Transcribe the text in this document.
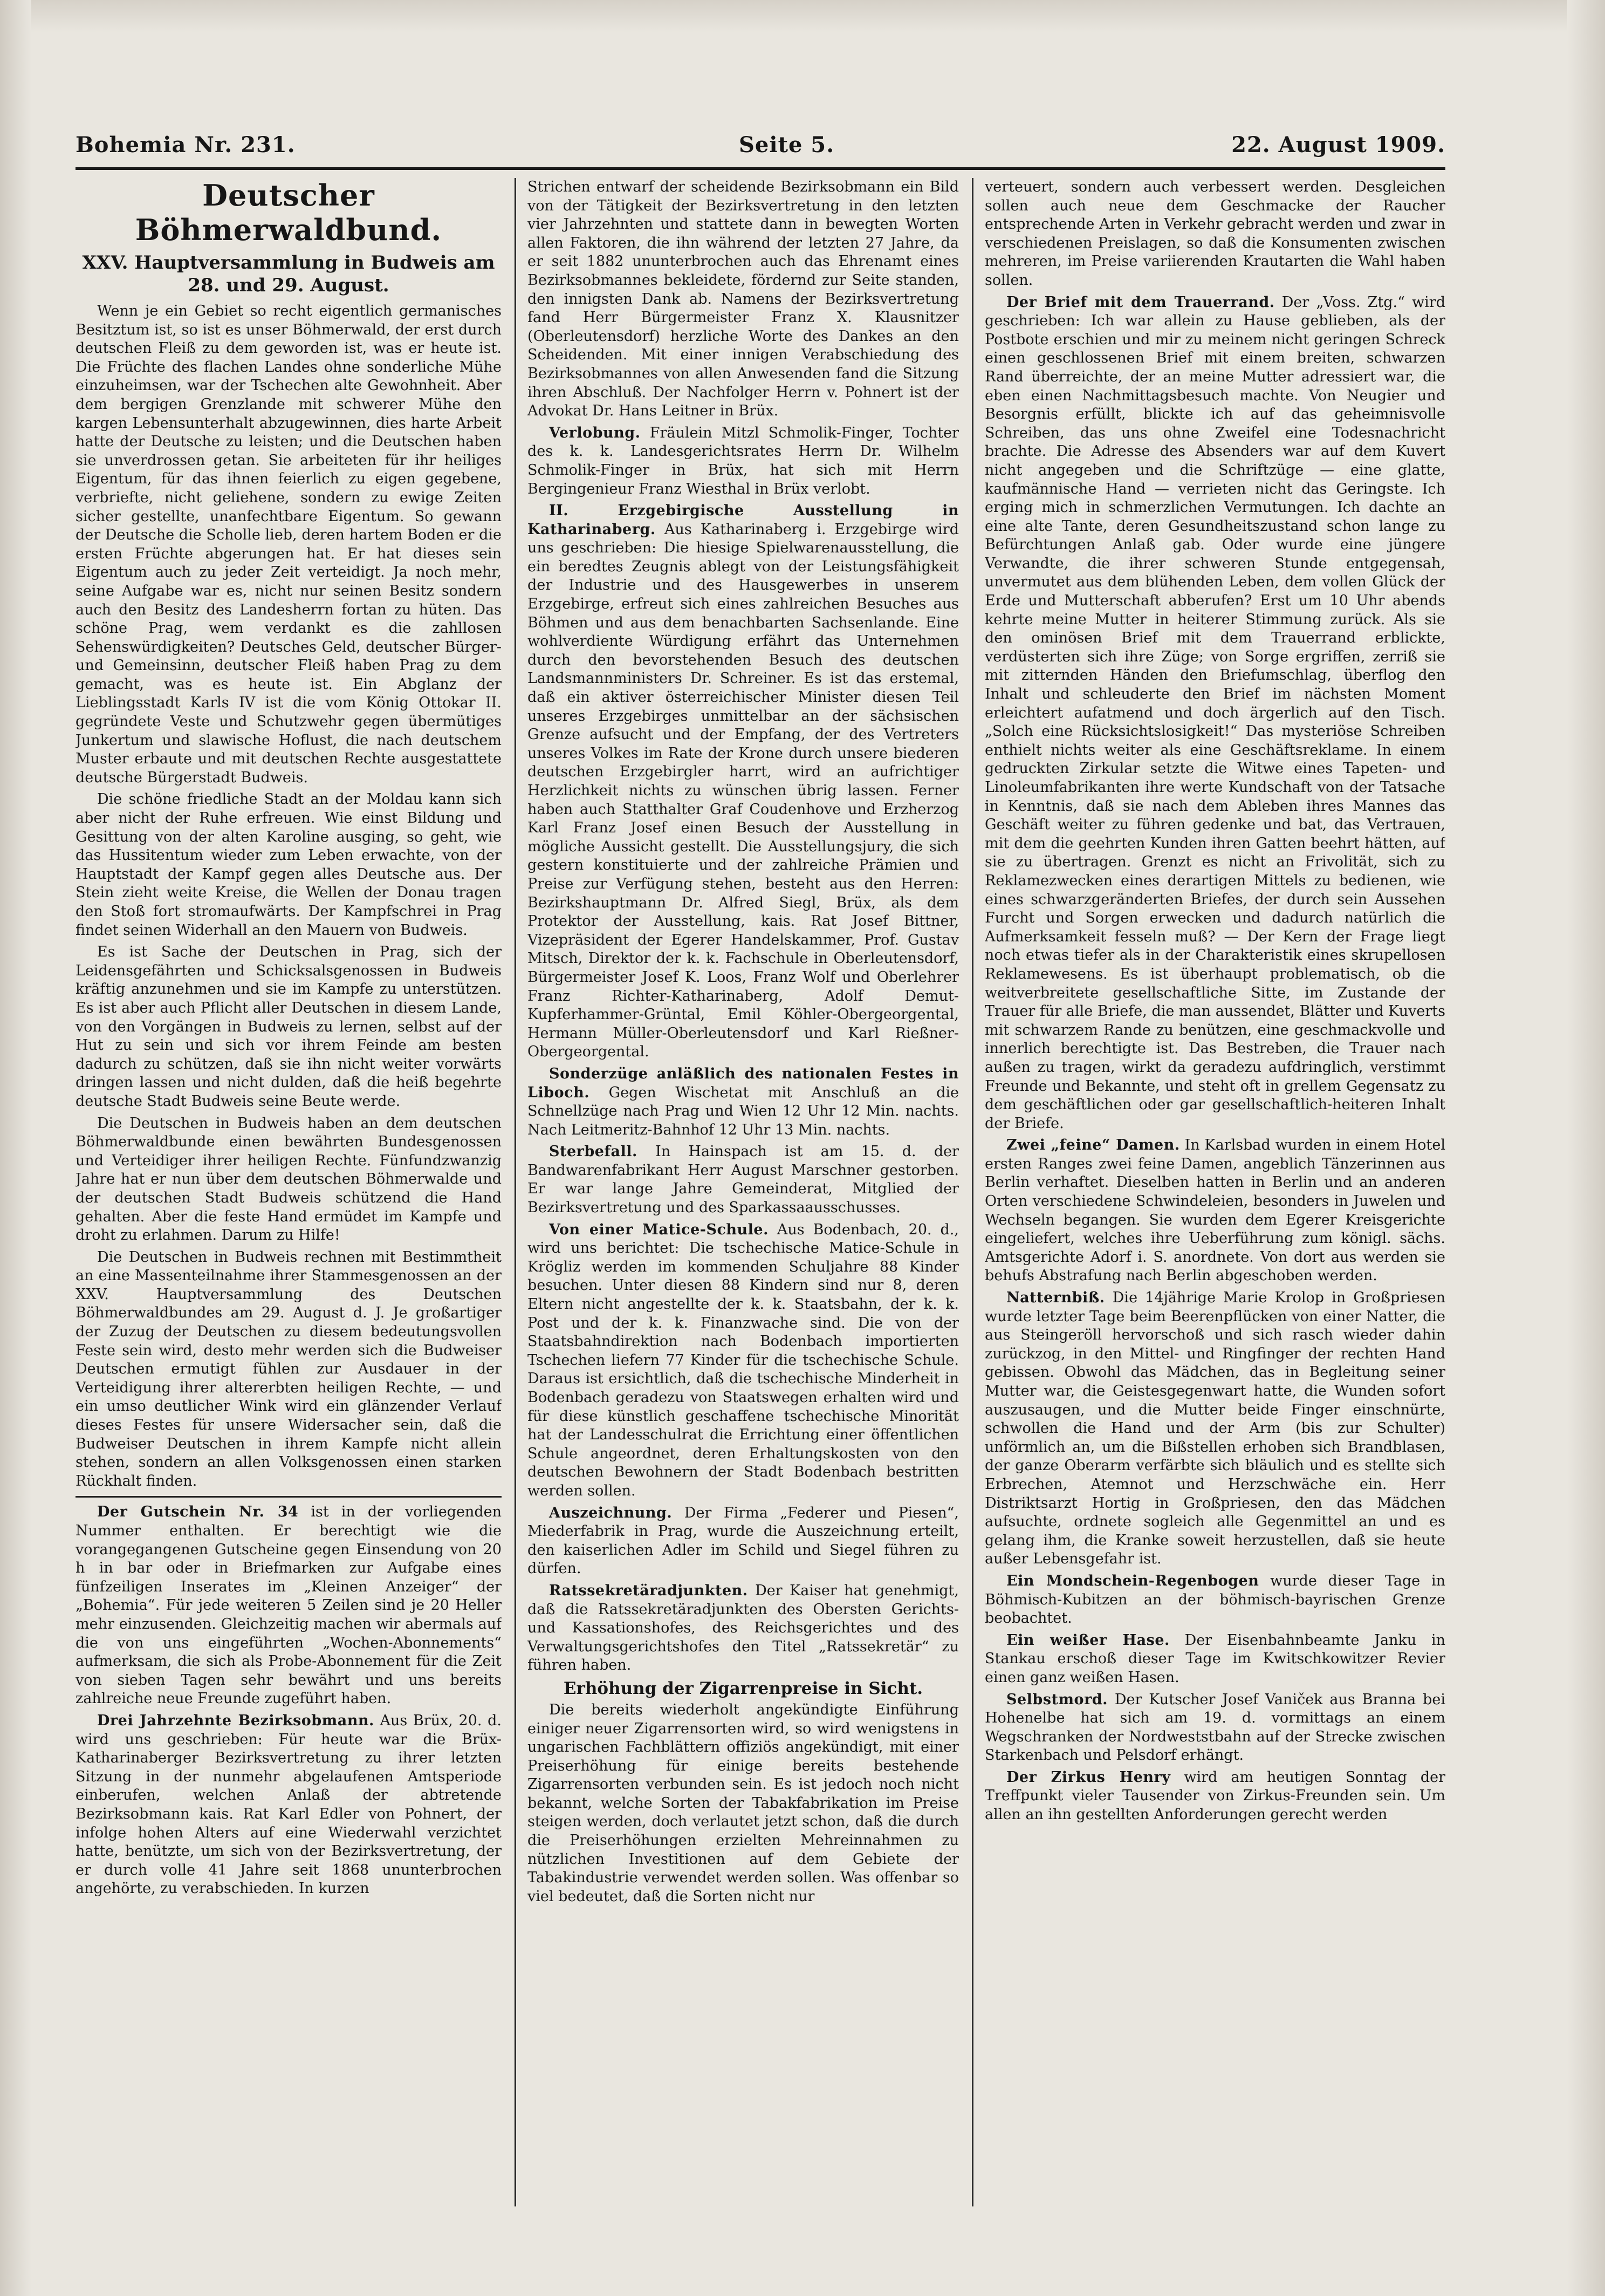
Bohemia Nr. 231.	Seite 5.	22. August 1909.
Deutscher Böhmerwaldbund.
XXV. Hauptversammlung in Budweis am 28. und 29. August.

Wenn je ein Gebiet so recht eigentlich germanisches Besitztum ist, so ist es unser Böhmerwald, der erst durch deutschen Fleiß zu dem geworden ist, was er heute ist. Die Früchte des flachen Landes ohne sonderliche Mühe einzuheimsen, war der Tschechen alte Gewohnheit. Aber dem bergigen Grenzlande mit schwerer Mühe den kargen Lebensunterhalt abzugewinnen, dies harte Arbeit hatte der Deutsche zu leisten; und die Deutschen haben sie unverdrossen getan. Sie arbeiteten für ihr heiliges Eigentum, für das ihnen feierlich zu eigen gegebene, verbriefte, nicht geliehene, sondern zu ewige Zeiten sicher gestellte, unanfechtbare Eigentum. So gewann der Deutsche die Scholle lieb, deren hartem Boden er die ersten Früchte abgerungen hat. Er hat dieses sein Eigentum auch zu jeder Zeit verteidigt. Ja noch mehr, seine Aufgabe war es, nicht nur seinen Besitz sondern auch den Besitz des Landesherrn fortan zu hüten. Das schöne Prag, wem verdankt es die zahllosen Sehenswürdigkeiten? Deutsches Geld, deutscher Bürger- und Gemeinsinn, deutscher Fleiß haben Prag zu dem gemacht, was es heute ist. Ein Abglanz der Lieblingsstadt Karls IV ist die vom König Ottokar II. gegründete Veste und Schutzwehr gegen übermütiges Junkertum und slawische Hoflust, die nach deutschem Muster erbaute und mit deutschen Rechte ausgestattete deutsche Bürgerstadt Budweis.

Die schöne friedliche Stadt an der Moldau kann sich aber nicht der Ruhe erfreuen. Wie einst Bildung und Gesittung von der alten Karoline ausging, so geht, wie das Hussitentum wieder zum Leben erwachte, von der Hauptstadt der Kampf gegen alles Deutsche aus. Der Stein zieht weite Kreise, die Wellen der Donau tragen den Stoß fort stromaufwärts. Der Kampfschrei in Prag findet seinen Widerhall an den Mauern von Budweis.

Es ist Sache der Deutschen in Prag, sich der Leidensgefährten und Schicksalsgenossen in Budweis kräftig anzunehmen und sie im Kampfe zu unterstützen. Es ist aber auch Pflicht aller Deutschen in diesem Lande, von den Vorgängen in Budweis zu lernen, selbst auf der Hut zu sein und sich vor ihrem Feinde am besten dadurch zu schützen, daß sie ihn nicht weiter vorwärts dringen lassen und nicht dulden, daß die heiß begehrte deutsche Stadt Budweis seine Beute werde.

Die Deutschen in Budweis haben an dem deutschen Böhmerwaldbunde einen bewährten Bundesgenossen und Verteidiger ihrer heiligen Rechte. Fünfundzwanzig Jahre hat er nun über dem deutschen Böhmerwalde und der deutschen Stadt Budweis schützend die Hand gehalten. Aber die feste Hand ermüdet im Kampfe und droht zu erlahmen. Darum zu Hilfe!

Die Deutschen in Budweis rechnen mit Bestimmtheit an eine Massenteilnahme ihrer Stammesgenossen an der XXV. Hauptversammlung des Deutschen Böhmerwaldbundes am 29. August d. J. Je großartiger der Zuzug der Deutschen zu diesem bedeutungsvollen Feste sein wird, desto mehr werden sich die Budweiser Deutschen ermutigt fühlen zur Ausdauer in der Verteidigung ihrer altererbten heiligen Rechte, — und ein umso deutlicher Wink wird ein glänzender Verlauf dieses Festes für unsere Widersacher sein, daß die Budweiser Deutschen in ihrem Kampfe nicht allein stehen, sondern an allen Volksgenossen einen starken Rückhalt finden.

Der Gutschein Nr. 34 ist in der vorliegenden Nummer enthalten. Er berechtigt wie die vorangegangenen Gutscheine gegen Einsendung von 20 h in bar oder in Briefmarken zur Aufgabe eines fünfzeiligen Inserates im „Kleinen Anzeiger“ der „Bohemia“. Für jede weiteren 5 Zeilen sind je 20 Heller mehr einzusenden. Gleichzeitig machen wir abermals auf die von uns eingeführten „Wochen-Abonnements“ aufmerksam, die sich als Probe-Abonnement für die Zeit von sieben Tagen sehr bewährt und uns bereits zahlreiche neue Freunde zugeführt haben.

Drei Jahrzehnte Bezirksobmann. Aus Brüx, 20. d. wird uns geschrieben: Für heute war die Brüx-Katharinaberger Bezirksvertretung zu ihrer letzten Sitzung in der nunmehr abgelaufenen Amtsperiode einberufen, welchen Anlaß der abtretende Bezirksobmann kais. Rat Karl Edler von Pohnert, der infolge hohen Alters auf eine Wiederwahl verzichtet hatte, benützte, um sich von der Bezirksvertretung, der er durch volle 41 Jahre seit 1868 ununterbrochen angehörte, zu verabschieden. In kurzen

Strichen entwarf der scheidende Bezirksobmann ein Bild von der Tätigkeit der Bezirksvertretung in den letzten vier Jahrzehnten und stattete dann in bewegten Worten allen Faktoren, die ihn während der letzten 27 Jahre, da er seit 1882 ununterbrochen auch das Ehrenamt eines Bezirksobmannes bekleidete, fördernd zur Seite standen, den innigsten Dank ab. Namens der Bezirksvertretung fand Herr Bürgermeister Franz X. Klausnitzer (Oberleutensdorf) herzliche Worte des Dankes an den Scheidenden. Mit einer innigen Verabschiedung des Bezirksobmannes von allen Anwesenden fand die Sitzung ihren Abschluß. Der Nachfolger Herrn v. Pohnert ist der Advokat Dr. Hans Leitner in Brüx.

Verlobung. Fräulein Mitzl Schmolik-Finger, Tochter des k. k. Landesgerichtsrates Herrn Dr. Wilhelm Schmolik-Finger in Brüx, hat sich mit Herrn Bergingenieur Franz Wiesthal in Brüx verlobt.

II. Erzgebirgische Ausstellung in Katharinaberg. Aus Katharinaberg i. Erzgebirge wird uns geschrieben: Die hiesige Spielwarenausstellung, die ein beredtes Zeugnis ablegt von der Leistungsfähigkeit der Industrie und des Hausgewerbes in unserem Erzgebirge, erfreut sich eines zahlreichen Besuches aus Böhmen und aus dem benachbarten Sachsenlande. Eine wohlverdiente Würdigung erfährt das Unternehmen durch den bevorstehenden Besuch des deutschen Landsmannministers Dr. Schreiner. Es ist das erstemal, daß ein aktiver österreichischer Minister diesen Teil unseres Erzgebirges unmittelbar an der sächsischen Grenze aufsucht und der Empfang, der des Vertreters unseres Volkes im Rate der Krone durch unsere biederen deutschen Erzgebirgler harrt, wird an aufrichtiger Herzlichkeit nichts zu wünschen übrig lassen. Ferner haben auch Statthalter Graf Coudenhove und Erzherzog Karl Franz Josef einen Besuch der Ausstellung in mögliche Aussicht gestellt. Die Ausstellungsjury, die sich gestern konstituierte und der zahlreiche Prämien und Preise zur Verfügung stehen, besteht aus den Herren: Bezirkshauptmann Dr. Alfred Siegl, Brüx, als dem Protektor der Ausstellung, kais. Rat Josef Bittner, Vizepräsident der Egerer Handelskammer, Prof. Gustav Mitsch, Direktor der k. k. Fachschule in Oberleutensdorf, Bürgermeister Josef K. Loos, Franz Wolf und Oberlehrer Franz Richter-Katharinaberg, Adolf Demut-Kupferhammer-Grüntal, Emil Köhler-Obergeorgental, Hermann Müller-Oberleutensdorf und Karl Rießner-Obergeorgental.

Sonderzüge anläßlich des nationalen Festes in Liboch. Gegen Wischetat mit Anschluß an die Schnellzüge nach Prag und Wien 12 Uhr 12 Min. nachts. Nach Leitmeritz-Bahnhof 12 Uhr 13 Min. nachts.

Sterbefall. In Hainspach ist am 15. d. der Bandwarenfabrikant Herr August Marschner gestorben. Er war lange Jahre Gemeinderat, Mitglied der Bezirksvertretung und des Sparkassaausschusses.

Von einer Matice-Schule. Aus Bodenbach, 20. d., wird uns berichtet: Die tschechische Matice-Schule in Krögliz werden im kommenden Schuljahre 88 Kinder besuchen. Unter diesen 88 Kindern sind nur 8, deren Eltern nicht angestellte der k. k. Staatsbahn, der k. k. Post und der k. k. Finanzwache sind. Die von der Staatsbahndirektion nach Bodenbach importierten Tschechen liefern 77 Kinder für die tschechische Schule. Daraus ist ersichtlich, daß die tschechische Minderheit in Bodenbach geradezu von Staatswegen erhalten wird und für diese künstlich geschaffene tschechische Minorität hat der Landesschulrat die Errichtung einer öffentlichen Schule angeordnet, deren Erhaltungskosten von den deutschen Bewohnern der Stadt Bodenbach bestritten werden sollen.

Auszeichnung. Der Firma „Federer und Piesen“, Miederfabrik in Prag, wurde die Auszeichnung erteilt, den kaiserlichen Adler im Schild und Siegel führen zu dürfen.

Ratssekretäradjunkten. Der Kaiser hat genehmigt, daß die Ratssekretäradjunkten des Obersten Gerichts- und Kassationshofes, des Reichsgerichtes und des Verwaltungsgerichtshofes den Titel „Ratssekretär“ zu führen haben.

Erhöhung der Zigarrenpreise in Sicht.

Die bereits wiederholt angekündigte Einführung einiger neuer Zigarrensorten wird, so wird wenigstens in ungarischen Fachblättern offiziös angekündigt, mit einer Preiserhöhung für einige bereits bestehende Zigarrensorten verbunden sein. Es ist jedoch noch nicht bekannt, welche Sorten der Tabakfabrikation im Preise steigen werden, doch verlautet jetzt schon, daß die durch die Preiserhöhungen erzielten Mehreinnahmen zu nützlichen Investitionen auf dem Gebiete der Tabakindustrie verwendet werden sollen. Was offenbar so viel bedeutet, daß die Sorten nicht nur

verteuert, sondern auch verbessert werden. Desgleichen sollen auch neue dem Geschmacke der Raucher entsprechende Arten in Verkehr gebracht werden und zwar in verschiedenen Preislagen, so daß die Konsumenten zwischen mehreren, im Preise variierenden Krautarten die Wahl haben sollen.

Der Brief mit dem Trauerrand. Der „Voss. Ztg.“ wird geschrieben: Ich war allein zu Hause geblieben, als der Postbote erschien und mir zu meinem nicht geringen Schreck einen geschlossenen Brief mit einem breiten, schwarzen Rand überreichte, der an meine Mutter adressiert war, die eben einen Nachmittagsbesuch machte. Von Neugier und Besorgnis erfüllt, blickte ich auf das geheimnisvolle Schreiben, das uns ohne Zweifel eine Todesnachricht brachte. Die Adresse des Absenders war auf dem Kuvert nicht angegeben und die Schriftzüge — eine glatte, kaufmännische Hand — verrieten nicht das Geringste. Ich erging mich in schmerzlichen Vermutungen. Ich dachte an eine alte Tante, deren Gesundheitszustand schon lange zu Befürchtungen Anlaß gab. Oder wurde eine jüngere Verwandte, die ihrer schweren Stunde entgegensah, unvermutet aus dem blühenden Leben, dem vollen Glück der Erde und Mutterschaft abberufen? Erst um 10 Uhr abends kehrte meine Mutter in heiterer Stimmung zurück. Als sie den ominösen Brief mit dem Trauerrand erblickte, verdüsterten sich ihre Züge; von Sorge ergriffen, zerriß sie mit zitternden Händen den Briefumschlag, überflog den Inhalt und schleuderte den Brief im nächsten Moment erleichtert aufatmend und doch ärgerlich auf den Tisch. „Solch eine Rücksichtslosigkeit!“ Das mysteriöse Schreiben enthielt nichts weiter als eine Geschäftsreklame. In einem gedruckten Zirkular setzte die Witwe eines Tapeten- und Linoleumfabrikanten ihre werte Kundschaft von der Tatsache in Kenntnis, daß sie nach dem Ableben ihres Mannes das Geschäft weiter zu führen gedenke und bat, das Vertrauen, mit dem die geehrten Kunden ihren Gatten beehrt hätten, auf sie zu übertragen. Grenzt es nicht an Frivolität, sich zu Reklamezwecken eines derartigen Mittels zu bedienen, wie eines schwarzgeränderten Briefes, der durch sein Aussehen Furcht und Sorgen erwecken und dadurch natürlich die Aufmerksamkeit fesseln muß? — Der Kern der Frage liegt noch etwas tiefer als in der Charakteristik eines skrupellosen Reklamewesens. Es ist überhaupt problematisch, ob die weitverbreitete gesellschaftliche Sitte, im Zustande der Trauer für alle Briefe, die man aussendet, Blätter und Kuverts mit schwarzem Rande zu benützen, eine geschmackvolle und innerlich berechtigte ist. Das Bestreben, die Trauer nach außen zu tragen, wirkt da geradezu aufdringlich, verstimmt Freunde und Bekannte, und steht oft in grellem Gegensatz zu dem geschäftlichen oder gar gesellschaftlich-heiteren Inhalt der Briefe.

Zwei „feine“ Damen. In Karlsbad wurden in einem Hotel ersten Ranges zwei feine Damen, angeblich Tänzerinnen aus Berlin verhaftet. Dieselben hatten in Berlin und an anderen Orten verschiedene Schwindeleien, besonders in Juwelen und Wechseln begangen. Sie wurden dem Egerer Kreisgerichte eingeliefert, welches ihre Ueberführung zum königl. sächs. Amtsgerichte Adorf i. S. anordnete. Von dort aus werden sie behufs Abstrafung nach Berlin abgeschoben werden.

Natternbiß. Die 14jährige Marie Krolop in Großpriesen wurde letzter Tage beim Beerenpflücken von einer Natter, die aus Steingeröll hervorschoß und sich rasch wieder dahin zurückzog, in den Mittel- und Ringfinger der rechten Hand gebissen. Obwohl das Mädchen, das in Begleitung seiner Mutter war, die Geistesgegenwart hatte, die Wunden sofort auszusaugen, und die Mutter beide Finger einschnürte, schwollen die Hand und der Arm (bis zur Schulter) unförmlich an, um die Bißstellen erhoben sich Brandblasen, der ganze Oberarm verfärbte sich bläulich und es stellte sich Erbrechen, Atemnot und Herzschwäche ein. Herr Distriktsarzt Hortig in Großpriesen, den das Mädchen aufsuchte, ordnete sogleich alle Gegenmittel an und es gelang ihm, die Kranke soweit herzustellen, daß sie heute außer Lebensgefahr ist.

Ein Mondschein-Regenbogen wurde dieser Tage in Böhmisch-Kubitzen an der böhmisch-bayrischen Grenze beobachtet.

Ein weißer Hase. Der Eisenbahnbeamte Janku in Stankau erschoß dieser Tage im Kwitschkowitzer Revier einen ganz weißen Hasen.

Selbstmord. Der Kutscher Josef Vaniček aus Branna bei Hohenelbe hat sich am 19. d. vormittags an einem Wegschranken der Nordweststbahn auf der Strecke zwischen Starkenbach und Pelsdorf erhängt.

Der Zirkus Henry wird am heutigen Sonntag der Treffpunkt vieler Tausender von Zirkus-Freunden sein. Um allen an ihn gestellten Anforderungen gerecht werden
